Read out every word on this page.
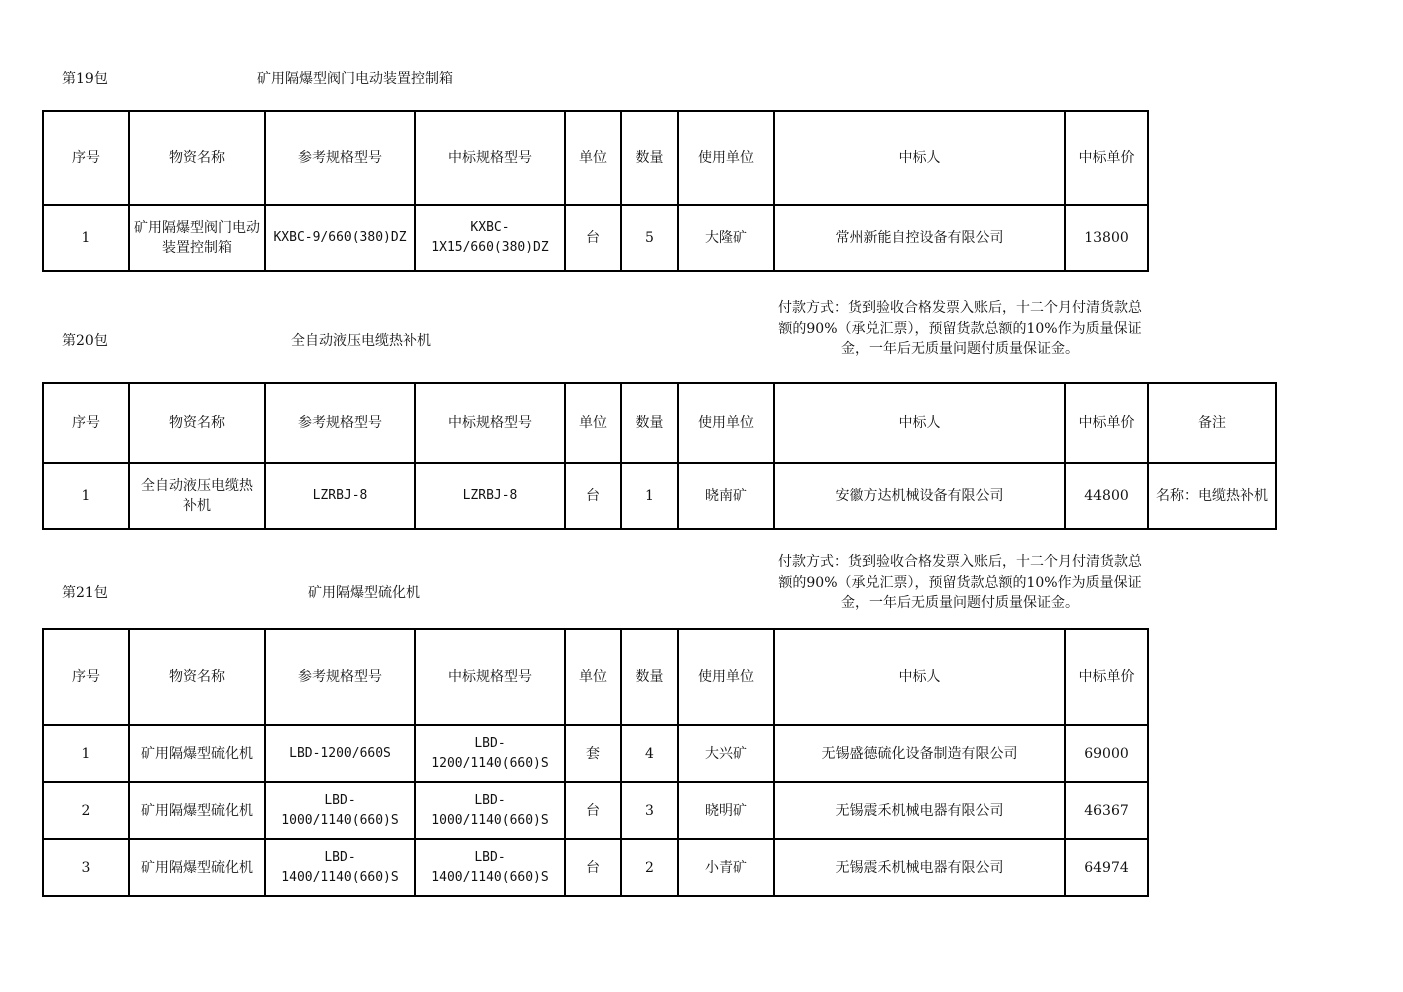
第19包	矿用隔爆型阀门电动装置控制箱
序号	物资名称	参考规格型号	中标规格型号	单位	数量	使用单位	中标人	中标单价
1	矿用隔爆型阀门电动装置控制箱	KXBC-9/660(380)DZ	KXBC-1X15/660(380)DZ	台	5	大隆矿	常州新能自控设备有限公司	13800
付款方式：货到验收合格发票入账后，十二个月付清货款总额的90%（承兑汇票），预留货款总额的10%作为质量保证金，一年后无质量问题付质量保证金。
第20包	全自动液压电缆热补机
序号	物资名称	参考规格型号	中标规格型号	单位	数量	使用单位	中标人	中标单价	备注
1	全自动液压电缆热补机	LZRBJ-8	LZRBJ-8	台	1	晓南矿	安徽方达机械设备有限公司	44800	名称：电缆热补机
付款方式：货到验收合格发票入账后，十二个月付清货款总额的90%（承兑汇票），预留货款总额的10%作为质量保证金，一年后无质量问题付质量保证金。
第21包	矿用隔爆型硫化机
序号	物资名称	参考规格型号	中标规格型号	单位	数量	使用单位	中标人	中标单价
1	矿用隔爆型硫化机	LBD-1200/660S	LBD-1200/1140(660)S	套	4	大兴矿	无锡盛德硫化设备制造有限公司	69000
2	矿用隔爆型硫化机	LBD-1000/1140(660)S	LBD-1000/1140(660)S	台	3	晓明矿	无锡震禾机械电器有限公司	46367
3	矿用隔爆型硫化机	LBD-1400/1140(660)S	LBD-1400/1140(660)S	台	2	小青矿	无锡震禾机械电器有限公司	64974
